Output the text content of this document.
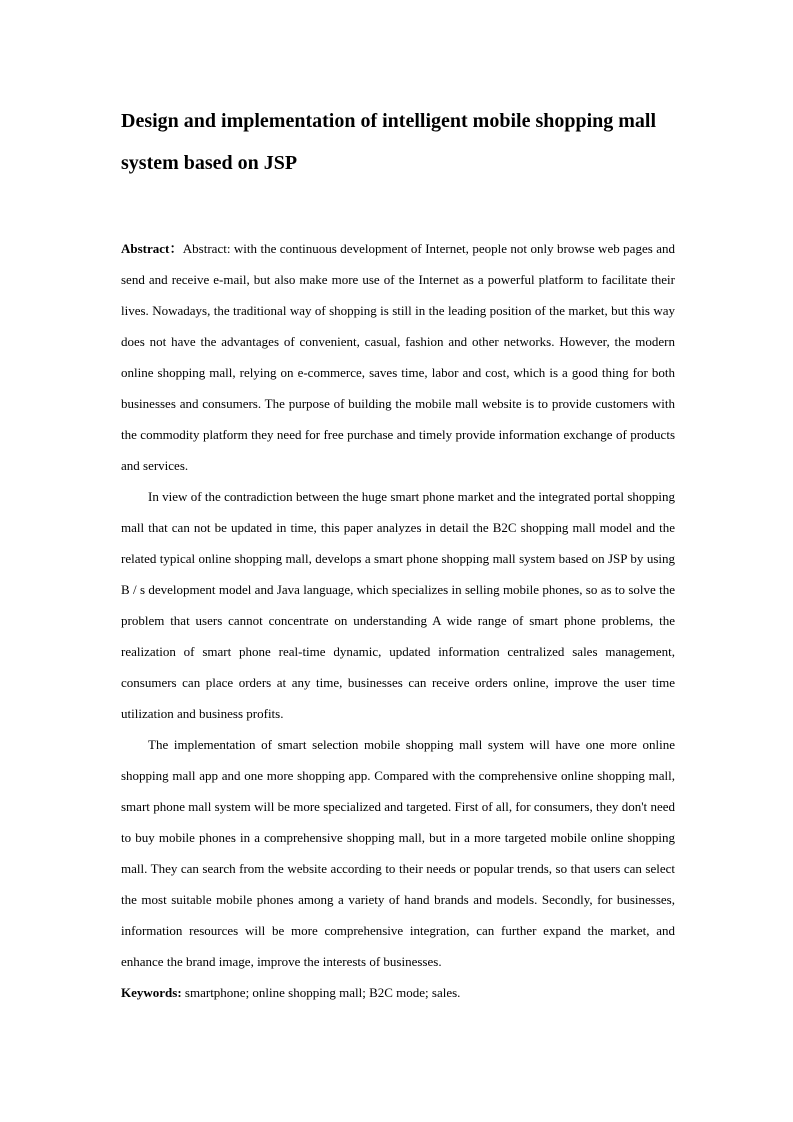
Design and implementation of intelligent mobile shopping mall system based on JSP

Abstract：Abstract: with the continuous development of Internet, people not only browse web pages and send and receive e-mail, but also make more use of the Internet as a powerful platform to facilitate their lives. Nowadays, the traditional way of shopping is still in the leading position of the market, but this way does not have the advantages of convenient, casual, fashion and other networks. However, the modern online shopping mall, relying on e-commerce, saves time, labor and cost, which is a good thing for both businesses and consumers. The purpose of building the mobile mall website is to provide customers with the commodity platform they need for free purchase and timely provide information exchange of products and services.

In view of the contradiction between the huge smart phone market and the integrated portal shopping mall that can not be updated in time, this paper analyzes in detail the B2C shopping mall model and the related typical online shopping mall, develops a smart phone shopping mall system based on JSP by using B / s development model and Java language, which specializes in selling mobile phones, so as to solve the problem that users cannot concentrate on understanding A wide range of smart phone problems, the realization of smart phone real-time dynamic, updated information centralized sales management, consumers can place orders at any time, businesses can receive orders online, improve the user time utilization and business profits.

The implementation of smart selection mobile shopping mall system will have one more online shopping mall app and one more shopping app. Compared with the comprehensive online shopping mall, smart phone mall system will be more specialized and targeted. First of all, for consumers, they don't need to buy mobile phones in a comprehensive shopping mall, but in a more targeted mobile online shopping mall. They can search from the website according to their needs or popular trends, so that users can select the most suitable mobile phones among a variety of hand brands and models. Secondly, for businesses, information resources will be more comprehensive integration, can further expand the market, and enhance the brand image, improve the interests of businesses.

Keywords: smartphone; online shopping mall; B2C mode; sales.
